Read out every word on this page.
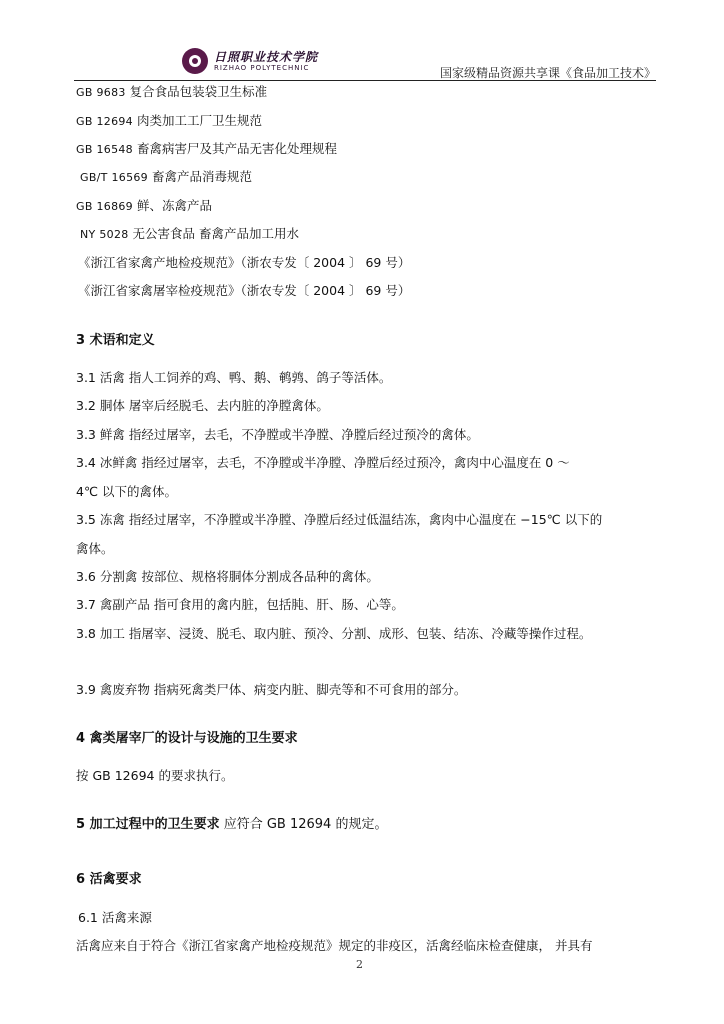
日照职业技术学院
RIZHAO POLYTECHNIC	国家级精品资源共享课《食品加工技术》
GB 9683 复合食品包装袋卫生标准
GB 12694 肉类加工工厂卫生规范
GB 16548 畜禽病害尸及其产品无害化处理规程
GB/T 16569 畜禽产品消毒规范
GB 16869 鲜、冻禽产品
NY 5028 无公害食品 畜禽产品加工用水
《浙江省家禽产地检疫规范》（浙农专发〔 2004 〕 69 号）
《浙江省家禽屠宰检疫规范》（浙农专发〔 2004 〕 69 号）
3 术语和定义
3.1 活禽 指人工饲养的鸡、鸭、鹅、鹌鹑、鸽子等活体。
3.2 胴体 屠宰后经脱毛、去内脏的净膛禽体。
3.3 鲜禽 指经过屠宰，去毛，不净膛或半净膛、净膛后经过预冷的禽体。
3.4 冰鲜禽 指经过屠宰，去毛，不净膛或半净膛、净膛后经过预冷，禽肉中心温度在 0 ～
4℃ 以下的禽体。
3.5 冻禽 指经过屠宰，不净膛或半净膛、净膛后经过低温结冻，禽肉中心温度在 −15℃ 以下的
禽体。
3.6 分割禽 按部位、规格将胴体分割成各品种的禽体。
3.7 禽副产品 指可食用的禽内脏，包括肫、肝、肠、心等。
3.8 加工 指屠宰、浸烫、脱毛、取内脏、预冷、分割、成形、包装、结冻、冷藏等操作过程。
3.9 禽废弃物 指病死禽类尸体、病变内脏、脚壳等和不可食用的部分。
4 禽类屠宰厂的设计与设施的卫生要求
按 GB 12694 的要求执行。
5 加工过程中的卫生要求 应符合 GB 12694 的规定。
6 活禽要求
6.1 活禽来源
活禽应来自于符合《浙江省家禽产地检疫规范》规定的非疫区，活禽经临床检查健康， 并具有
2
